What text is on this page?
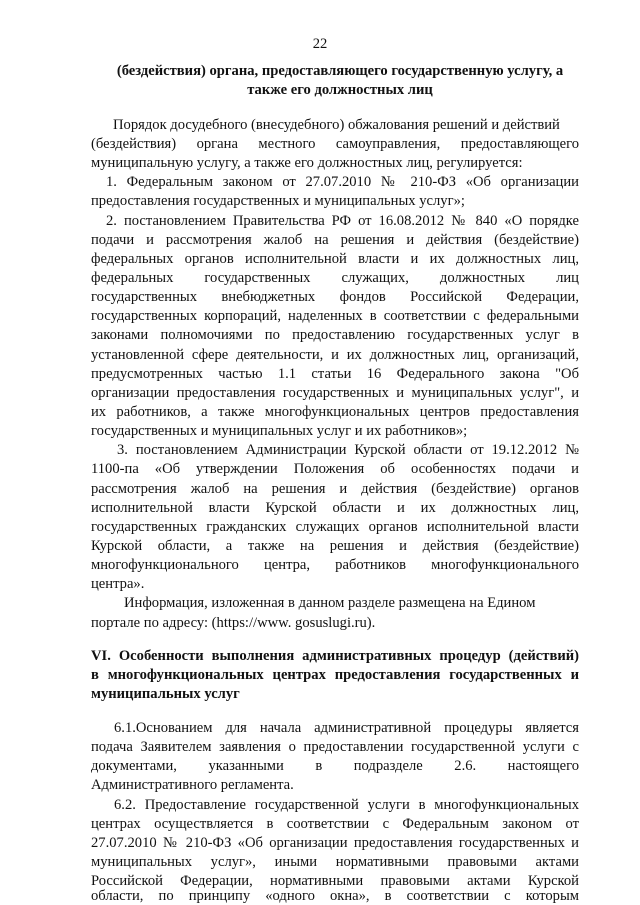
22
(бездействия) органа, предоставляющего государственную услугу, а
также его должностных лиц
Порядок досудебного (внесудебного) обжалования решений и действий
(бездействия) органа местного самоуправления, предоставляющего
муниципальную услугу, а также его должностных лиц, регулируется:
1. Федеральным законом от 27.07.2010 № 210-ФЗ «Об организации
предоставления государственных и муниципальных услуг»;
2. постановлением Правительства РФ от 16.08.2012 № 840 «О порядке
подачи и рассмотрения жалоб на решения и действия (бездействие)
федеральных органов исполнительной власти и их должностных лиц,
федеральных государственных служащих, должностных лиц
государственных внебюджетных фондов Российской Федерации,
государственных корпораций, наделенных в соответствии с федеральными
законами полномочиями по предоставлению государственных услуг в
установленной сфере деятельности, и их должностных лиц, организаций,
предусмотренных частью 1.1 статьи 16 Федерального закона "Об
организации предоставления государственных и муниципальных услуг", и
их работников, а также многофункциональных центров предоставления
государственных и муниципальных услуг и их работников»;
3. постановлением Администрации Курской области от 19.12.2012 №
1100-па «Об утверждении Положения об особенностях подачи и
рассмотрения жалоб на решения и действия (бездействие) органов
исполнительной власти Курской области и их должностных лиц,
государственных гражданских служащих органов исполнительной власти
Курской области, а также на решения и действия (бездействие)
многофункционального центра, работников многофункционального
центра».
Информация, изложенная в данном разделе размещена на Едином
портале по адресу: (https://www. gosuslugi.ru).
VI. Особенности выполнения административных процедур (действий)
в многофункциональных центрах предоставления государственных и
муниципальных услуг
6.1.Основанием для начала административной процедуры является
подача Заявителем заявления о предоставлении государственной услуги с
документами, указанными в подразделе 2.6. настоящего
Административного регламента.
6.2. Предоставление государственной услуги в многофункциональных
центрах осуществляется в соответствии с Федеральным законом от
27.07.2010 № 210-ФЗ «Об организации предоставления государственных и
муниципальных услуг», иными нормативными правовыми актами
Российской Федерации, нормативными правовыми актами Курской
области, по принципу «одного окна», в соответствии с которым
